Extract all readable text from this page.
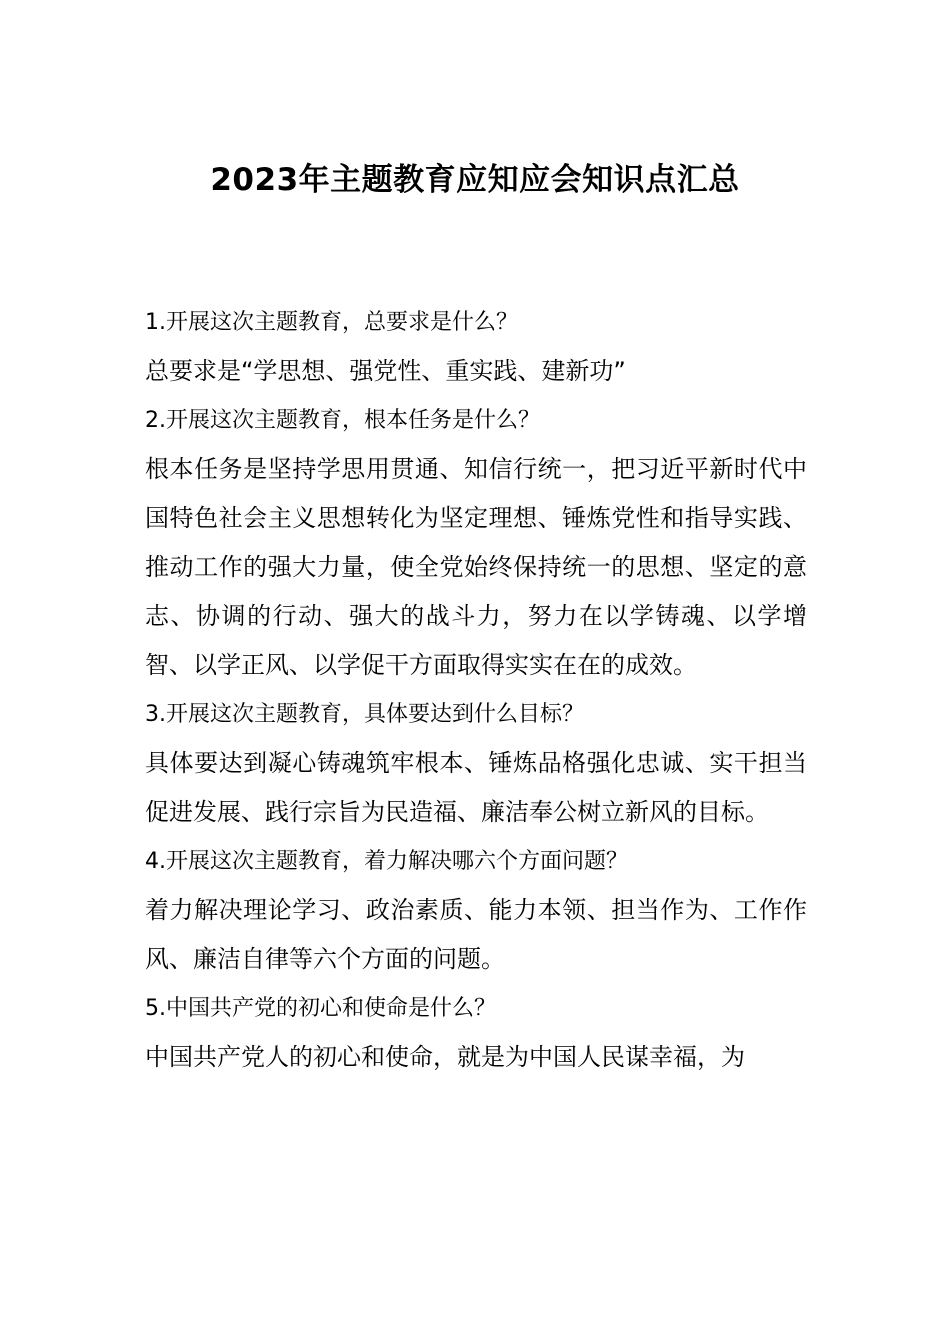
2023年主题教育应知应会知识点汇总

1.开展这次主题教育，总要求是什么？

总要求是“学思想、强党性、重实践、建新功”

2.开展这次主题教育，根本任务是什么？

根本任务是坚持学思用贯通、知信行统一，把习近平新时代中国特色社会主义思想转化为坚定理想、锤炼党性和指导实践、推动工作的强大力量，使全党始终保持统一的思想、坚定的意志、协调的行动、强大的战斗力，努力在以学铸魂、以学增智、以学正风、以学促干方面取得实实在在的成效。

3.开展这次主题教育，具体要达到什么目标？

具体要达到凝心铸魂筑牢根本、锤炼品格强化忠诚、实干担当促进发展、践行宗旨为民造福、廉洁奉公树立新风的目标。

4.开展这次主题教育，着力解决哪六个方面问题？

着力解决理论学习、政治素质、能力本领、担当作为、工作作风、廉洁自律等六个方面的问题。

5.中国共产党的初心和使命是什么？

中国共产党人的初心和使命，就是为中国人民谋幸福，为
